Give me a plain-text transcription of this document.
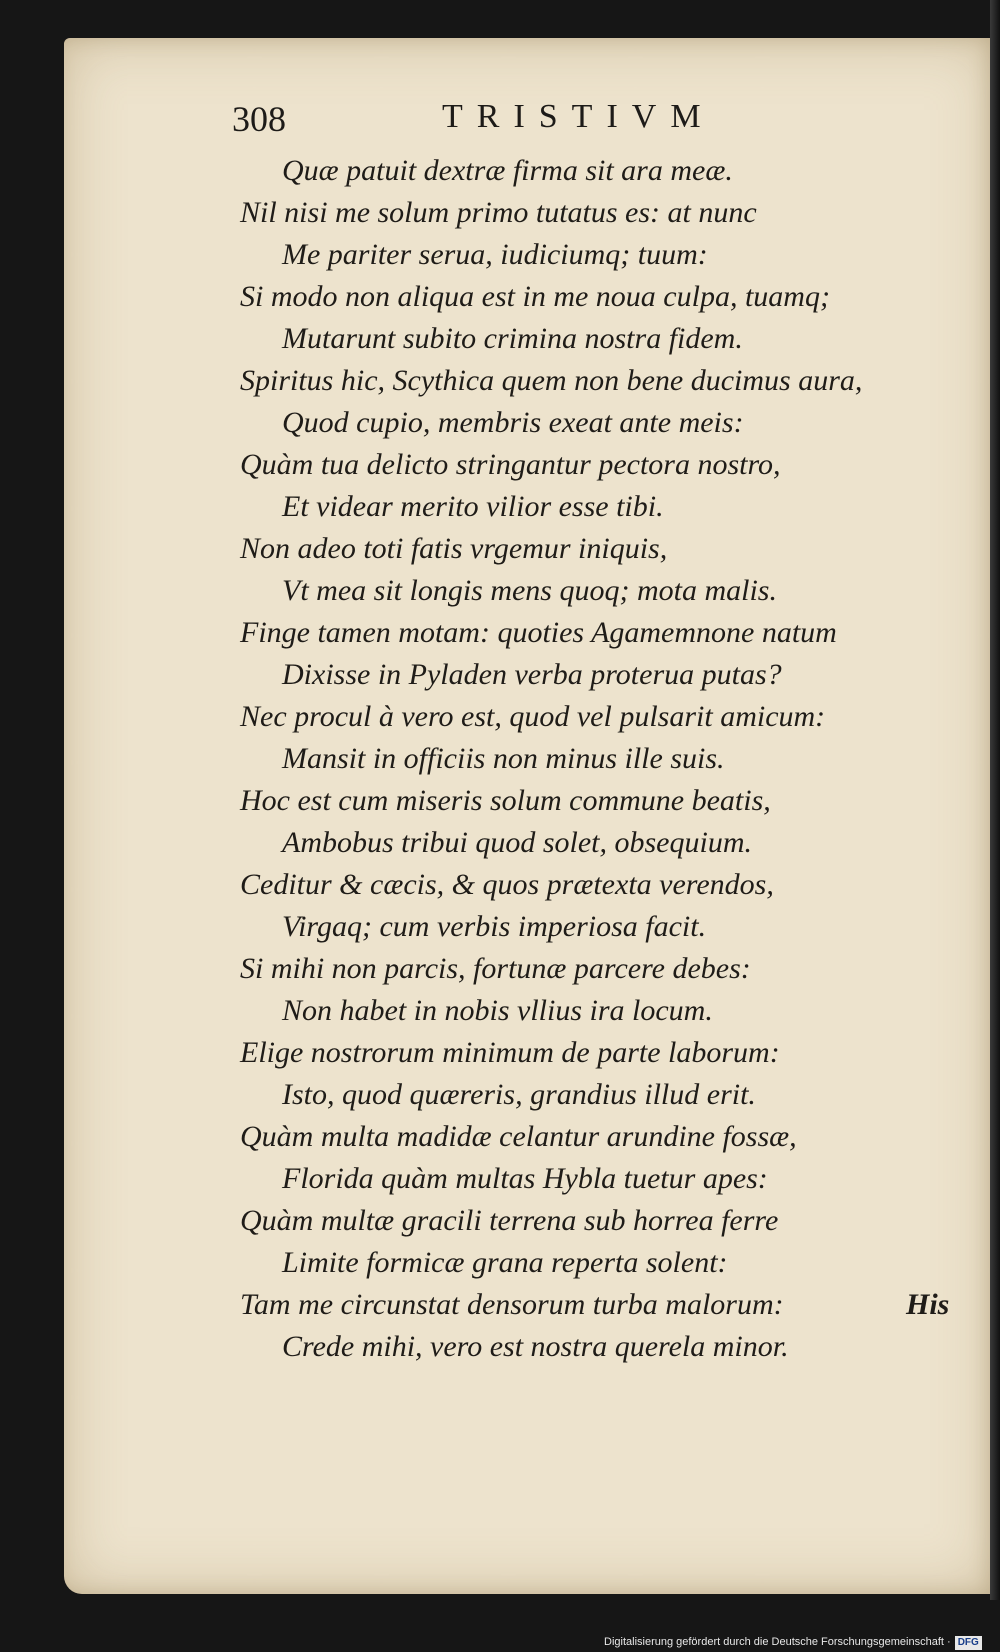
308	TRISTIVM
Quæ patuit dextræ firma sit ara meæ.
Nil nisi me solum primo tutatus es: at nunc
Me pariter serua, iudiciumq; tuum:
Si modo non aliqua est in me noua culpa, tuamq;
Mutarunt subito crimina nostra fidem.
Spiritus hic, Scythica quem non bene ducimus aura,
Quod cupio, membris exeat ante meis:
Quàm tua delicto stringantur pectora nostro,
Et videar merito vilior esse tibi.
Non adeo toti fatis vrgemur iniquis,
Vt mea sit longis mens quoq; mota malis.
Finge tamen motam: quoties Agamemnone natum
Dixisse in Pyladen verba proterua putas?
Nec procul à vero est, quod vel pulsarit amicum:
Mansit in officiis non minus ille suis.
Hoc est cum miseris solum commune beatis,
Ambobus tribui quod solet, obsequium.
Ceditur & cæcis, & quos prætexta verendos,
Virgaq; cum verbis imperiosa facit.
Si mihi non parcis, fortunæ parcere debes:
Non habet in nobis vllius ira locum.
Elige nostrorum minimum de parte laborum:
Isto, quod quæreris, grandius illud erit.
Quàm multa madidæ celantur arundine fossæ,
Florida quàm multas Hybla tuetur apes:
Quàm multæ gracili terrena sub horrea ferre
Limite formicæ grana reperta solent:
Tam me circunstat densorum turba malorum:
Crede mihi, vero est nostra querela minor.
His
Digitalisierung gefördert durch die Deutsche Forschungsgemeinschaft · DFG
